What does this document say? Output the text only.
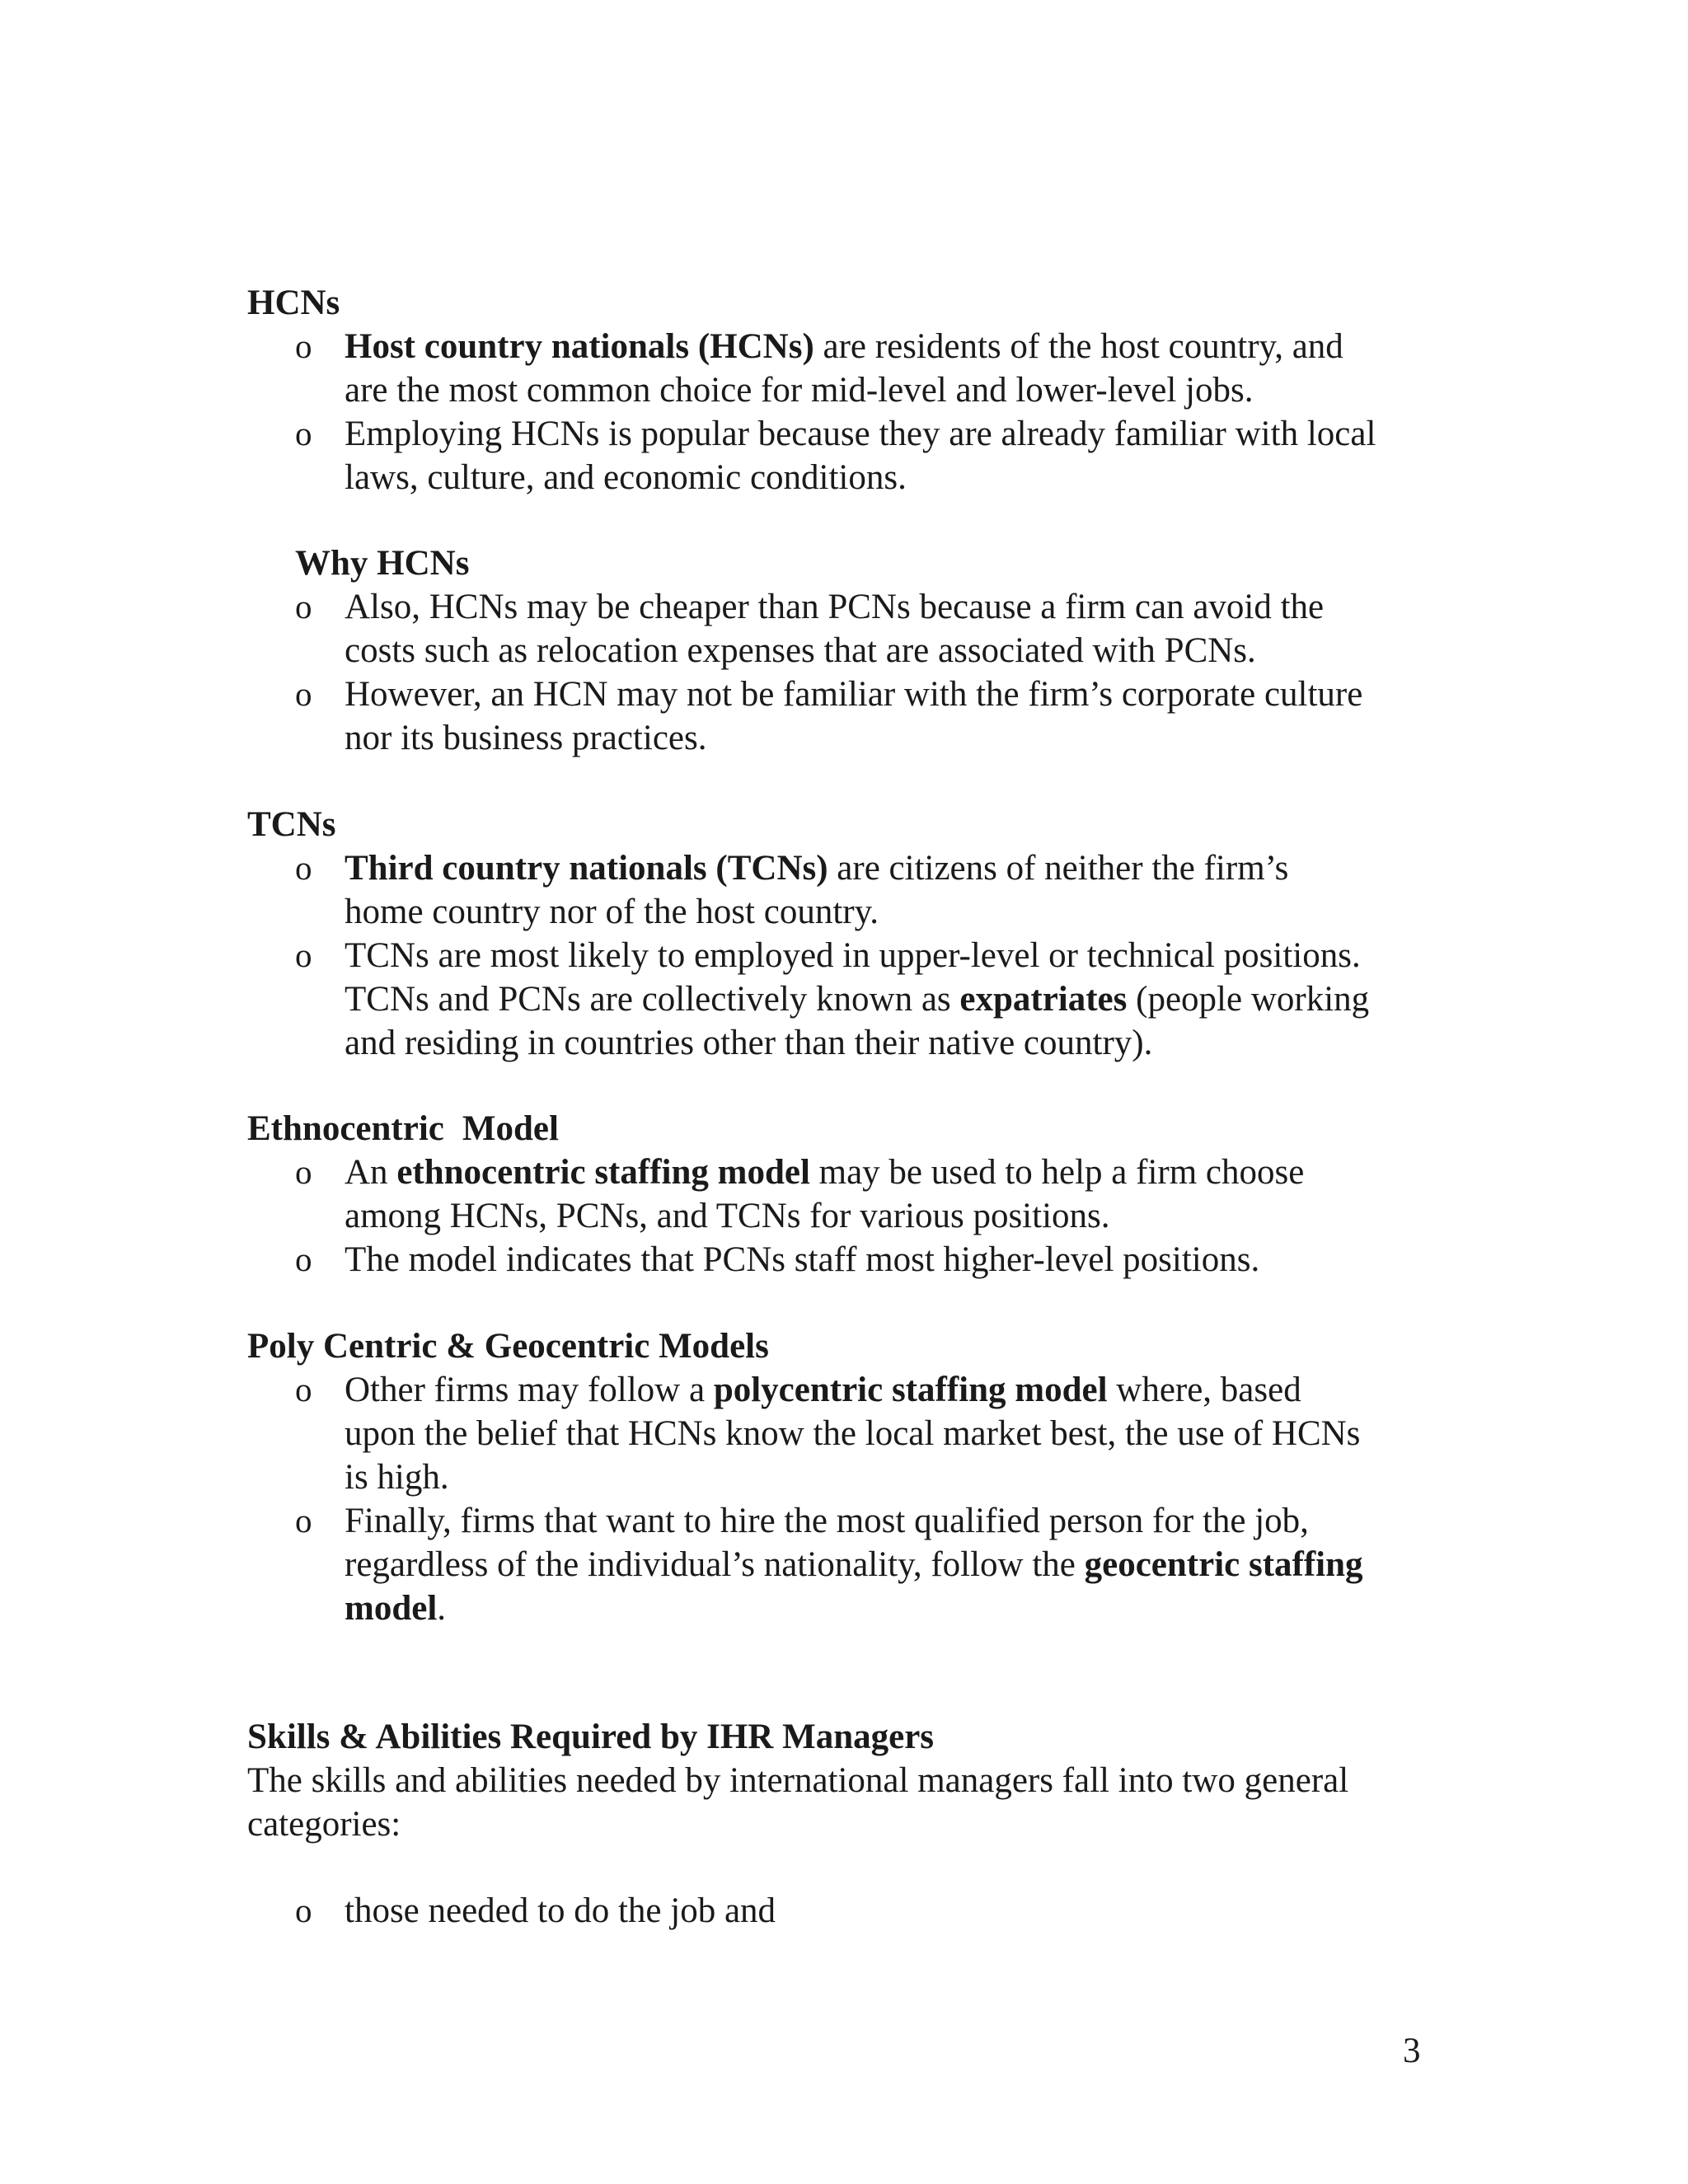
HCNs
o Host country nationals (HCNs) are residents of the host country, and
are the most common choice for mid-level and lower-level jobs.
o Employing HCNs is popular because they are already familiar with local
laws, culture, and economic conditions.
Why HCNs
o Also, HCNs may be cheaper than PCNs because a firm can avoid the
costs such as relocation expenses that are associated with PCNs.
o However, an HCN may not be familiar with the firm’s corporate culture
nor its business practices.
TCNs
o Third country nationals (TCNs) are citizens of neither the firm’s
home country nor of the host country.
o TCNs are most likely to employed in upper-level or technical positions.
TCNs and PCNs are collectively known as expatriates (people working
and residing in countries other than their native country).
Ethnocentric Model
o An ethnocentric staffing model may be used to help a firm choose
among HCNs, PCNs, and TCNs for various positions.
o The model indicates that PCNs staff most higher-level positions.
Poly Centric & Geocentric Models
o Other firms may follow a polycentric staffing model where, based
upon the belief that HCNs know the local market best, the use of HCNs
is high.
o Finally, firms that want to hire the most qualified person for the job,
regardless of the individual’s nationality, follow the geocentric staffing
model.
Skills & Abilities Required by IHR Managers
The skills and abilities needed by international managers fall into two general
categories:
o those needed to do the job and
3
